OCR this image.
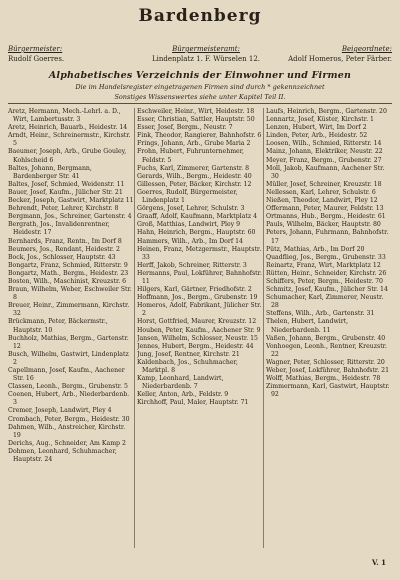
Bardenberg
Bürgermeister:
Rudolf Goerres.
Bürgermeisteramt:
Lindenplatz 1. F. Würselen 12.
Beigeordnete:
Adolf Homeros, Peter Färber.
Alphabetisches Verzeichnis der Einwohner und Firmen
Die im Handelsregister eingetragenen Firmen sind durch * gekennzeichnet
Sonstiges Wissenswertes siehe unter Kapitel Teil II.
Aretz, Hermann, Mech.-Lehrl. a. D., Wirt, Lambertusstr. 3
Aretz, Heinrich, Bauarb., Heidestr. 14
Arndt, Heinr., Schreinermstr., Kirchstr. 5
Baeumer, Joseph, Arb., Grube Gouley, Kohlscheid 6
Baltes, Johann, Bergmann, Bardenberger Str. 41
Baltes, Josef, Schmied, Weidenstr. 11
Bauer, Josef, Kaufm., Jülicher Str. 21
Becker, Joseph, Gastwirt, Marktplatz 11
Behrendt, Peter, Lehrer, Kirchstr. 8
Bergmann, Jos., Schreiner, Gartenstr. 4
Bergrath, Jos., Invalidenrentner, Heidestr. 17
Bernhards, Franz, Rentn., Im Dorf 8
Beumers, Jos., Rendant, Heidestr. 2
Bock, Jos., Schlosser, Hauptstr. 43
Bongartz, Franz, Schmied, Ritterstr. 9
Bongartz, Math., Bergm., Heidestr. 23
Bosten, Wilh., Maschinist, Kreuzstr. 6
Braun, Wilhelm, Weber, Eschweiler Str. 8
Breuer, Heinr., Zimmermann, Kirchstr. 32
Brückmann, Peter, Bäckermstr., Hauptstr. 10
Buchholz, Mathias, Bergm., Gartenstr. 12
Busch, Wilhelm, Gastwirt, Lindenplatz 2
Capellmann, Josef, Kaufm., Aachener Str. 16
Classen, Leonh., Bergm., Grubenstr. 5
Coenen, Hubert, Arb., Niederbardenb. 3
Cremer, Joseph, Landwirt, Pley 4
Crombach, Peter, Bergm., Heidestr. 30
Dahmen, Wilh., Anstreicher, Kirchstr. 19
Derichs, Aug., Schneider, Am Kamp 2
Dohmen, Leonhard, Schuhmacher, Hauptstr. 24
Eschweiler, Heinr., Wirt, Heidestr. 18
Esser, Christian, Sattler, Hauptstr. 50
Esser, Josef, Bergm., Neustr. 7
Fink, Theodor, Rangierer, Bahnhofstr. 6
Frings, Johann, Arb., Grube Maria 2
Frohn, Hubert, Fuhrunternehmer, Feldstr. 5
Fuchs, Karl, Zimmerer, Gartenstr. 8
Gerards, Wilh., Bergm., Heidestr. 40
Gillessen, Peter, Bäcker, Kirchstr. 12
Goerres, Rudolf, Bürgermeister, Lindenplatz 1
Görgens, Josef, Lehrer, Schulstr. 3
Graaff, Adolf, Kaufmann, Marktplatz 4
Groß, Matthias, Landwirt, Pley 9
Hahn, Heinrich, Bergm., Hauptstr. 60
Hammers, Wilh., Arb., Im Dorf 14
Heinen, Franz, Metzgermstr., Hauptstr. 33
Herff, Jakob, Schreiner, Ritterstr. 3
Hermanns, Paul, Lokführer, Bahnhofstr. 11
Hilgers, Karl, Gärtner, Friedhofstr. 2
Hoffmann, Jos., Bergm., Grubenstr. 19
Homeros, Adolf, Fabrikant, Jülicher Str. 2
Horst, Gottfried, Maurer, Kreuzstr. 12
Houben, Peter, Kaufm., Aachener Str. 9
Jansen, Wilhelm, Schlosser, Neustr. 15
Jennes, Hubert, Bergm., Heidestr. 44
Jung, Josef, Rentner, Kirchstr. 21
Kaldenbach, Jos., Schuhmacher, Marktpl. 8
Kamp, Leonhard, Landwirt, Niederbardenb. 7
Keller, Anton, Arb., Feldstr. 9
Kirchhoff, Paul, Maler, Hauptstr. 71
Laufs, Heinrich, Bergm., Gartenstr. 20
Lennartz, Josef, Küster, Kirchstr. 1
Lenzen, Hubert, Wirt, Im Dorf 2
Linden, Peter, Arb., Heidestr. 52
Loosen, Wilh., Schmied, Ritterstr. 14
Mainz, Johann, Elektriker, Neustr. 22
Meyer, Franz, Bergm., Grubenstr. 27
Moll, Jakob, Kaufmann, Aachener Str. 30
Müller, Josef, Schreiner, Kreuzstr. 18
Nellessen, Karl, Lehrer, Schulstr. 6
Nießen, Theodor, Landwirt, Pley 12
Offermann, Peter, Maurer, Feldstr. 13
Ortmanns, Hub., Bergm., Heidestr. 61
Pauls, Wilhelm, Bäcker, Hauptstr. 80
Peters, Johann, Fuhrmann, Bahnhofstr. 17
Pütz, Mathias, Arb., Im Dorf 20
Quadflieg, Jos., Bergm., Grubenstr. 33
Reinartz, Franz, Wirt, Marktplatz 12
Rütten, Heinr., Schneider, Kirchstr. 26
Schiffers, Peter, Bergm., Heidestr. 70
Schmitz, Josef, Kaufm., Jülicher Str. 14
Schumacher, Karl, Zimmerer, Neustr. 28
Steffens, Wilh., Arb., Gartenstr. 31
Thelen, Hubert, Landwirt, Niederbardenb. 11
Vaßen, Johann, Bergm., Grubenstr. 40
Vonhoegen, Leonh., Rentner, Kreuzstr. 22
Wagner, Peter, Schlosser, Ritterstr. 20
Weber, Josef, Lokführer, Bahnhofstr. 21
Wolff, Mathias, Bergm., Heidestr. 78
Zimmermann, Karl, Gastwirt, Hauptstr. 92
V. 1
